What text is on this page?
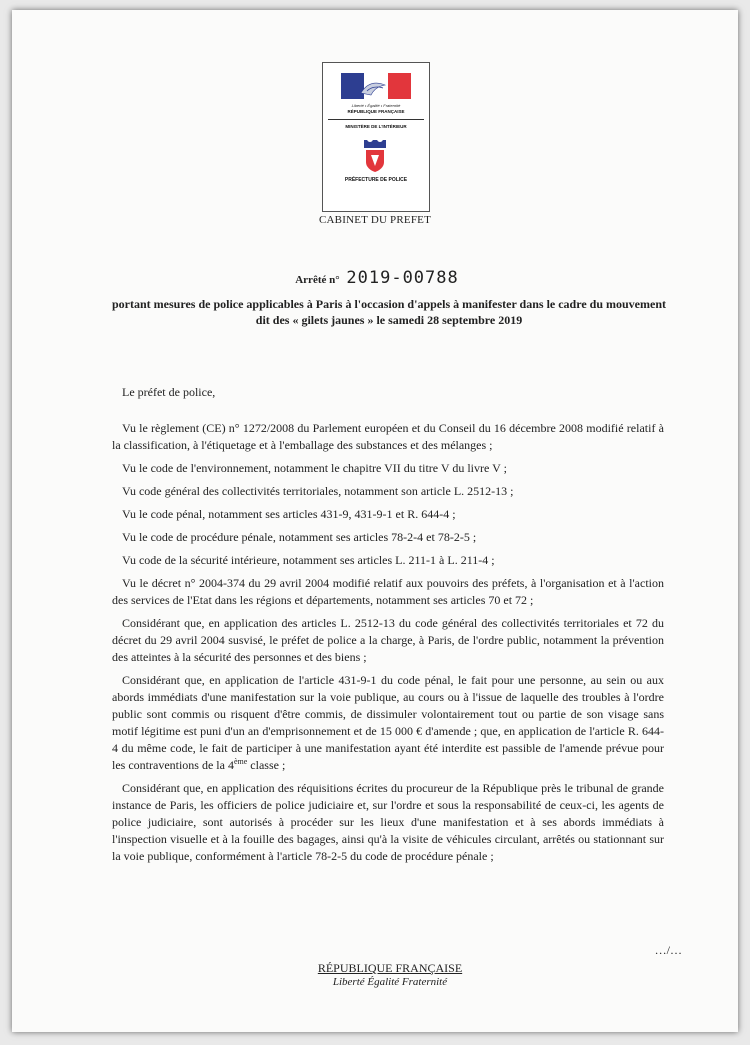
Liberté • Égalité • Fraternité
RÉPUBLIQUE FRANÇAISE
MINISTÈRE DE L'INTÉRIEUR
PRÉFECTURE DE POLICE
CABINET DU PREFET
Arrêté n° 2019-00788
portant mesures de police applicables à Paris à l'occasion d'appels à manifester dans le cadre du mouvement dit des « gilets jaunes » le samedi 28 septembre 2019

Le préfet de police,

Vu le règlement (CE) n° 1272/2008 du Parlement européen et du Conseil du 16 décembre 2008 modifié relatif à la classification, à l'étiquetage et à l'emballage des substances et des mélanges ;

Vu le code de l'environnement, notamment le chapitre VII du titre V du livre V ;

Vu code général des collectivités territoriales, notamment son article L. 2512-13 ;

Vu le code pénal, notamment ses articles 431-9, 431-9-1 et R. 644-4 ;

Vu le code de procédure pénale, notamment ses articles 78-2-4 et 78-2-5 ;

Vu code de la sécurité intérieure, notamment ses articles L. 211-1 à L. 211-4 ;

Vu le décret n° 2004-374 du 29 avril 2004 modifié relatif aux pouvoirs des préfets, à l'organisation et à l'action des services de l'Etat dans les régions et départements, notamment ses articles 70 et 72 ;

Considérant que, en application des articles L. 2512-13 du code général des collectivités territoriales et 72 du décret du 29 avril 2004 susvisé, le préfet de police a la charge, à Paris, de l'ordre public, notamment la prévention des atteintes à la sécurité des personnes et des biens ;

Considérant que, en application de l'article 431-9-1 du code pénal, le fait pour une personne, au sein ou aux abords immédiats d'une manifestation sur la voie publique, au cours ou à l'issue de laquelle des troubles à l'ordre public sont commis ou risquent d'être commis, de dissimuler volontairement tout ou partie de son visage sans motif légitime est puni d'un an d'emprisonnement et de 15 000 € d'amende ; que, en application de l'article R. 644-4 du même code, le fait de participer à une manifestation ayant été interdite est passible de l'amende prévue pour les contraventions de la 4ème classe ;

Considérant que, en application des réquisitions écrites du procureur de la République près le tribunal de grande instance de Paris, les officiers de police judiciaire et, sur l'ordre et sous la responsabilité de ceux-ci, les agents de police judiciaire, sont autorisés à procéder sur les lieux d'une manifestation et à ses abords immédiats à l'inspection visuelle et à la fouille des bagages, ainsi qu'à la visite de véhicules circulant, arrêtés ou stationnant sur la voie publique, conformément à l'article 78-2-5 du code de procédure pénale ;

…/…
RÉPUBLIQUE FRANÇAISE
Liberté Égalité Fraternité
